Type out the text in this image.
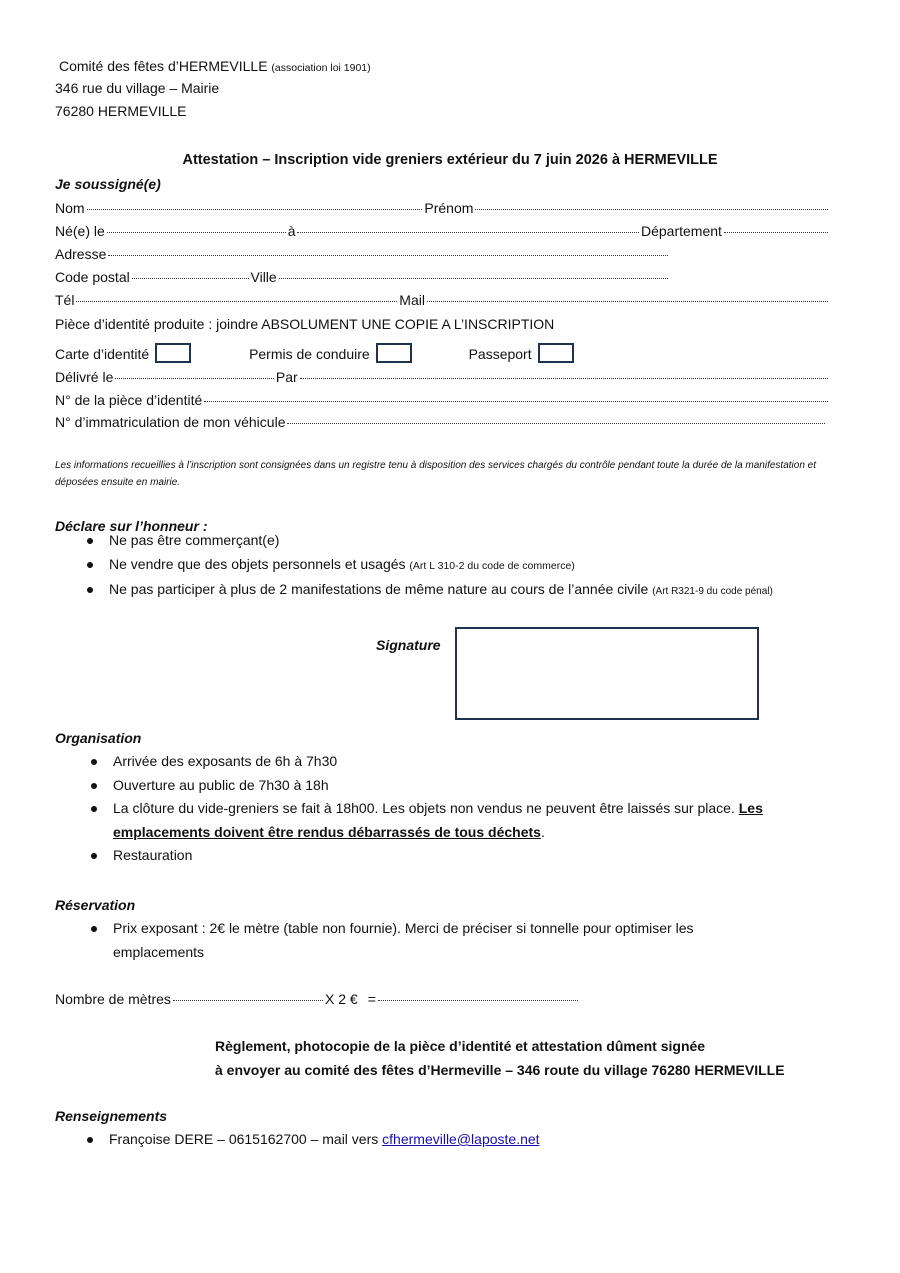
Comité des fêtes d’HERMEVILLE (association loi 1901)
346 rue du village – Mairie
76280 HERMEVILLE
Attestation – Inscription vide greniers extérieur du 7 juin 2026 à HERMEVILLE
Je soussigné(e)
Nom	Prénom
Né(e) le	à	Département
Adresse
Code postal	Ville
Tél	Mail
Pièce d’identité produite : joindre ABSOLUMENT UNE COPIE A L’INSCRIPTION
Carte d’identité	Permis de conduire	Passeport
Délivré le	Par
N° de la pièce d’identité
N° d’immatriculation de mon véhicule
Les informations recueillies à l’inscription sont consignées dans un registre tenu à disposition des services chargés du contrôle pendant toute la durée de la manifestation et déposées ensuite en mairie.
Déclare sur l’honneur :
Ne pas être commerçant(e)
Ne vendre que des objets personnels et usagés (Art L 310-2 du code de commerce)
Ne pas participer à plus de 2 manifestations de même nature au cours de l’année civile (Art R321-9 du code pénal)
Signature
Organisation
Arrivée des exposants de 6h à 7h30
Ouverture au public de 7h30 à 18h
La clôture du vide-greniers se fait à 18h00. Les objets non vendus ne peuvent être laissés sur place. Les emplacements doivent être rendus débarrassés de tous déchets.
Restauration
Réservation
Prix exposant : 2€ le mètre (table non fournie). Merci de préciser si tonnelle pour optimiser les emplacements
Nombre de mètres	X 2 € =
Règlement, photocopie de la pièce d’identité et attestation dûment signée
à envoyer au comité des fêtes d’Hermeville – 346 route du village 76280 HERMEVILLE
Renseignements
Françoise DERE – 0615162700 – mail vers cfhermeville@laposte.net
